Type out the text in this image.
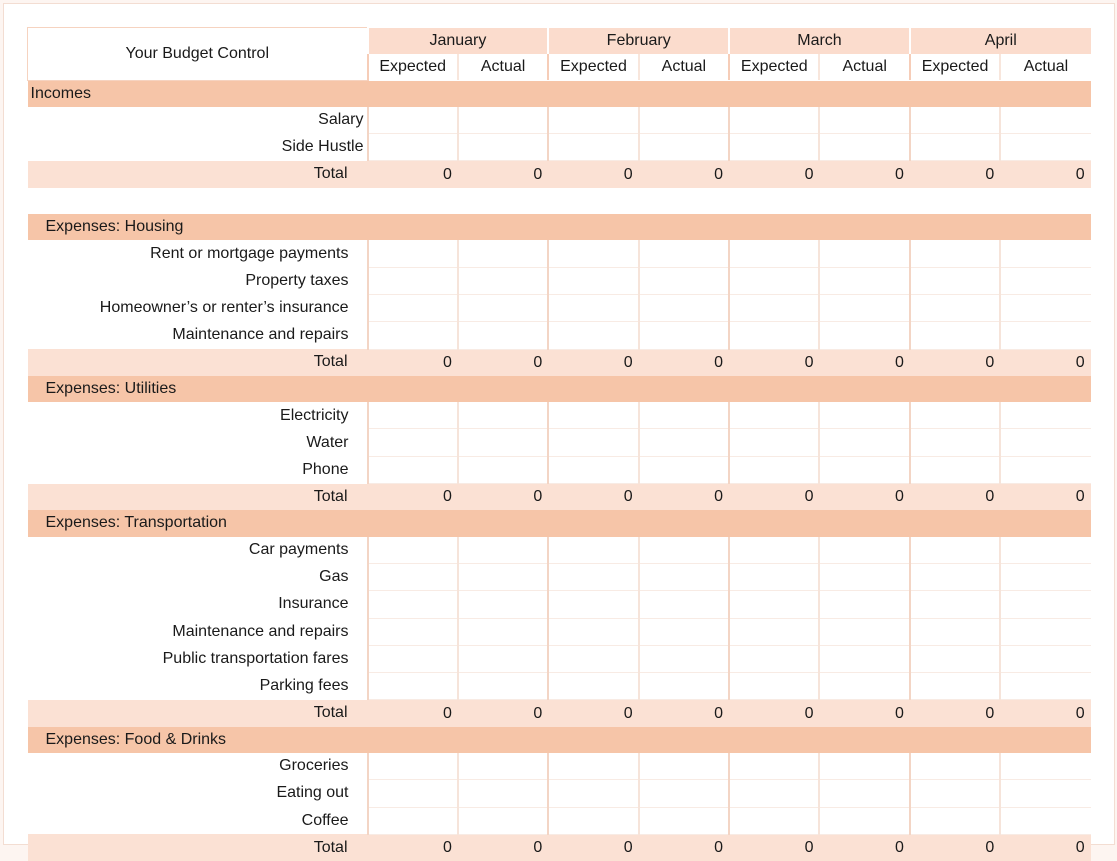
Your Budget Control	January		February		March		April	
	Expected	Actual	Expected	Actual	Expected	Actual	Expected	Actual
Incomes								
Salary								
Side Hustle								
Total	0	0	0	0	0	0	0	0

Expenses: Housing								
Rent or mortgage payments								
Property taxes								
Homeowner’s or renter’s insurance								
Maintenance and repairs								
Total	0	0	0	0	0	0	0	0
Expenses: Utilities								
Electricity								
Water								
Phone								
Total	0	0	0	0	0	0	0	0
Expenses: Transportation								
Car payments								
Gas								
Insurance								
Maintenance and repairs								
Public transportation fares								
Parking fees								
Total	0	0	0	0	0	0	0	0
Expenses: Food & Drinks								
Groceries								
Eating out								
Coffee								
Total	0	0	0	0	0	0	0	0
